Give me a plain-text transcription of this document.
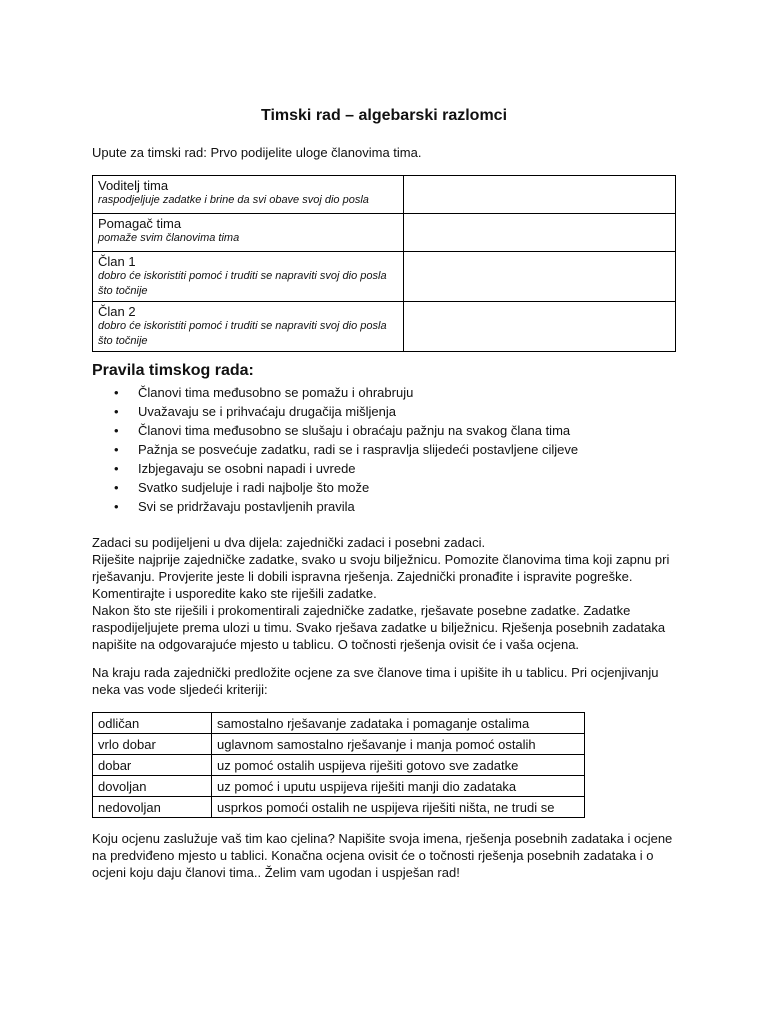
Timski rad – algebarski razlomci
Upute za timski rad: Prvo podijelite uloge članovima tima.
Voditelj tima
raspodjeljuje zadatke i brine da svi obave svoj dio posla	

Pomagač tima
pomaže svim članovima tima	

Član 1
dobro će iskoristiti pomoć i truditi se napraviti svoj dio posla što točnije	

Član 2
dobro će iskoristiti pomoć i truditi se napraviti svoj dio posla što točnije	

Pravila timskog rada:
• Članovi tima međusobno se pomažu i ohrabruju
• Uvažavaju se i prihvaćaju drugačija mišljenja
• Članovi tima međusobno se slušaju i obraćaju pažnju na svakog člana tima
• Pažnja se posvećuje zadatku, radi se i raspravlja slijedeći postavljene ciljeve
• Izbjegavaju se osobni napadi i uvrede
• Svatko sudjeluje i radi najbolje što može
• Svi se pridržavaju postavljenih pravila

Zadaci su podijeljeni u dva dijela: zajednički zadaci i posebni zadaci.

Riješite najprije zajedničke zadatke, svako u svoju bilježnicu. Pomozite članovima tima koji zapnu pri rješavanju. Provjerite jeste li dobili ispravna rješenja. Zajednički pronađite i ispravite pogreške. Komentirajte i usporedite kako ste riješili zadatke.

Nakon što ste riješili i prokomentirali zajedničke zadatke, rješavate posebne zadatke. Zadatke raspodijeljujete prema ulozi u timu. Svako rješava zadatke u bilježnicu. Rješenja posebnih zadataka napišite na odgovarajuće mjesto u tablicu. O točnosti rješenja ovisit će i vaša ocjena.

Na kraju rada zajednički predložite ocjene za sve članove tima i upišite ih u tablicu. Pri ocjenjivanju neka vas vode sljedeći kriteriji:
odličan	samostalno rješavanje zadataka i pomaganje ostalima
vrlo dobar	uglavnom samostalno rješavanje i manja pomoć ostalih
dobar	uz pomoć ostalih uspijeva riješiti gotovo sve zadatke
dovoljan	uz pomoć i uputu uspijeva riješiti manji dio zadataka
nedovoljan	usprkos pomoći ostalih ne uspijeva riješiti ništa, ne trudi se
Koju ocjenu zaslužuje vaš tim kao cjelina? Napišite svoja imena, rješenja posebnih zadataka i ocjene na predviđeno mjesto u tablici. Konačna ocjena ovisit će o točnosti rješenja posebnih zadataka i o ocjeni koju daju članovi tima.. Želim vam ugodan i uspješan rad!
